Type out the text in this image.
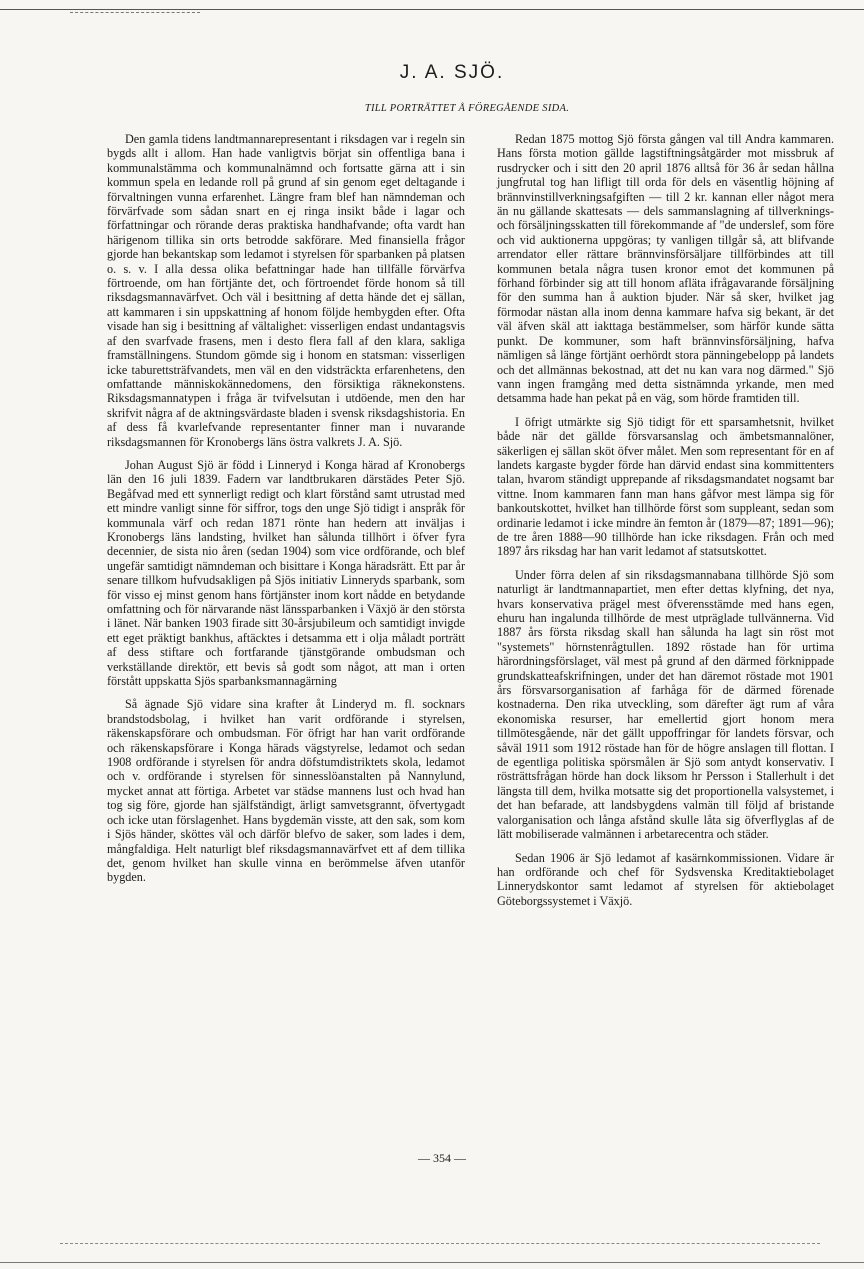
J. A. SJÖ.
TILL PORTRÄTTET Å FÖREGÅENDE SIDA.

Den gamla tidens landtmannarepresentant i riksdagen var i regeln sin bygds allt i allom. Han hade vanligtvis börjat sin offentliga bana i kommunalstämma och kommunalnämnd och fortsatte gärna att i sin kommun spela en ledande roll på grund af sin genom eget deltagande i förvaltningen vunna erfarenhet. Längre fram blef han nämndeman och förvärfvade som sådan snart en ej ringa insikt både i lagar och författningar och rörande deras praktiska handhafvande; ofta vardt han härigenom tillika sin orts betrodde sakförare. Med finansiella frågor gjorde han bekantskap som ledamot i styrelsen för sparbanken på platsen o. s. v. I alla dessa olika befattningar hade han tillfälle förvärfva förtroende, om han förtjänte det, och förtroendet förde honom så till riksdagsmannavärfvet. Och väl i besittning af detta hände det ej sällan, att kammaren i sin uppskattning af honom följde hembygden efter. Ofta visade han sig i besittning af vältalighet: visserligen endast undantagsvis af den svarfvade frasens, men i desto flera fall af den klara, sakliga framställningens. Stundom gömde sig i honom en statsman: visserligen icke taburettsträfvandets, men väl en den vidsträckta erfarenhetens, den omfattande människokännedomens, den försiktiga räknekonstens. Riksdagsmannatypen i fråga är tvifvelsutan i utdöende, men den har skrifvit några af de aktningsvärdaste bladen i svensk riksdagshistoria. En af dess få kvarlefvande representanter finner man i nuvarande riksdagsmannen för Kronobergs läns östra valkrets J. A. Sjö.

Johan August Sjö är född i Linneryd i Konga härad af Kronobergs län den 16 juli 1839. Fadern var landtbrukaren därstädes Peter Sjö. Begåfvad med ett synnerligt redigt och klart förstånd samt utrustad med ett mindre vanligt sinne för siffror, togs den unge Sjö tidigt i anspråk för kommunala värf och redan 1871 rönte han hedern att inväljas i Kronobergs läns landsting, hvilket han sålunda tillhört i öfver fyra decennier, de sista nio åren (sedan 1904) som vice ordförande, och blef ungefär samtidigt nämndeman och bisittare i Konga häradsrätt. Ett par år senare tillkom hufvudsakligen på Sjös initiativ Linneryds sparbank, som för visso ej minst genom hans förtjänster inom kort nådde en betydande omfattning och för närvarande näst länssparbanken i Växjö är den största i länet. När banken 1903 firade sitt 30-årsjubileum och samtidigt invigde ett eget präktigt bankhus, aftäcktes i detsamma ett i olja måladt porträtt af dess stiftare och fortfarande tjänstgörande ombudsman och verkställande direktör, ett bevis så godt som något, att man i orten förstått uppskatta Sjös sparbanksmannagärning

Så ägnade Sjö vidare sina krafter åt Linderyd m. fl. socknars brandstodsbolag, i hvilket han varit ordförande i styrelsen, räkenskapsförare och ombudsman. För öfrigt har han varit ordförande och räkenskapsförare i Konga härads vägstyrelse, ledamot och sedan 1908 ordförande i styrelsen för andra döfstumdistriktets skola, ledamot och v. ordförande i styrelsen för sinnesslöanstalten på Nannylund, mycket annat att förtiga. Arbetet var städse mannens lust och hvad han tog sig före, gjorde han själfständigt, ärligt samvetsgrannt, öfvertygadt och icke utan förslagenhet. Hans bygdemän visste, att den sak, som kom i Sjös händer, sköttes väl och därför blefvo de saker, som lades i dem, mångfaldiga. Helt naturligt blef riksdagsmannavärfvet ett af dem tillika det, genom hvilket han skulle vinna en berömmelse äfven utanför bygden.

Redan 1875 mottog Sjö första gången val till Andra kammaren. Hans första motion gällde lagstiftningsåtgärder mot missbruk af rusdrycker och i sitt den 20 april 1876 alltså för 36 år sedan hållna jungfrutal tog han lifligt till orda för dels en väsentlig höjning af brännvinstillverkningsafgiften — till 2 kr. kannan eller något mera än nu gällande skattesats — dels sammanslagning af tillverknings- och försäljningsskatten till förekommande af "de underslef, som före och vid auktionerna uppgöras; ty vanligen tillgår så, att blifvande arrendator eller rättare brännvinsförsäljare tillförbindes att till kommunen betala några tusen kronor emot det kommunen på förhand förbinder sig att till honom afläta ifrågavarande försäljning för den summa han å auktion bjuder. När så sker, hvilket jag förmodar nästan alla inom denna kammare hafva sig bekant, är det väl äfven skäl att iakttaga bestämmelser, som härför kunde sätta punkt. De kommuner, som haft brännvinsförsäljning, hafva nämligen så länge förtjänt oerhördt stora pänningebelopp på landets och det allmännas bekostnad, att det nu kan vara nog därmed." Sjö vann ingen framgång med detta sistnämnda yrkande, men med detsamma hade han pekat på en väg, som hörde framtiden till.

I öfrigt utmärkte sig Sjö tidigt för ett sparsamhetsnit, hvilket både när det gällde försvarsanslag och ämbetsmannalöner, säkerligen ej sällan sköt öfver målet. Men som representant för en af landets kargaste bygder förde han därvid endast sina kommittenters talan, hvarom ständigt upprepande af riksdagsmandatet nogsamt bar vittne. Inom kammaren fann man hans gåfvor mest lämpa sig för bankoutskottet, hvilket han tillhörde först som suppleant, sedan som ordinarie ledamot i icke mindre än femton år (1879—87; 1891—96); de tre åren 1888—90 tillhörde han icke riksdagen. Från och med 1897 års riksdag har han varit ledamot af statsutskottet.

Under förra delen af sin riksdagsmannabana tillhörde Sjö som naturligt är landtmannapartiet, men efter dettas klyfning, det nya, hvars konservativa prägel mest öfverensstämde med hans egen, ehuru han ingalunda tillhörde de mest utpräglade tullvännerna. Vid 1887 års första riksdag skall han sålunda ha lagt sin röst mot "systemets" hörnstenrågtullen. 1892 röstade han för urtima härordningsförslaget, väl mest på grund af den därmed förknippade grundskatteafskrifningen, under det han däremot röstade mot 1901 års försvarsorganisation af farhåga för de därmed förenade kostnaderna. Den rika utveckling, som därefter ägt rum af våra ekonomiska resurser, har emellertid gjort honom mera tillmötesgående, när det gällt uppoffringar för landets försvar, och såväl 1911 som 1912 röstade han för de högre anslagen till flottan. I de egentliga politiska spörsmålen är Sjö som antydt konservativ. I rösträttsfrågan hörde han dock liksom hr Persson i Stallerhult i det längsta till dem, hvilka motsatte sig det proportionella valsystemet, i det han befarade, att landsbygdens valmän till följd af bristande valorganisation och långa afstånd skulle låta sig öfverflyglas af de lätt mobiliserade valmännen i arbetarecentra och städer.

Sedan 1906 är Sjö ledamot af kasärnkommissionen. Vidare är han ordförande och chef för Sydsvenska Kreditaktiebolaget Linnerydskontor samt ledamot af styrelsen för aktiebolaget Göteborgssystemet i Växjö.

— 354 —
